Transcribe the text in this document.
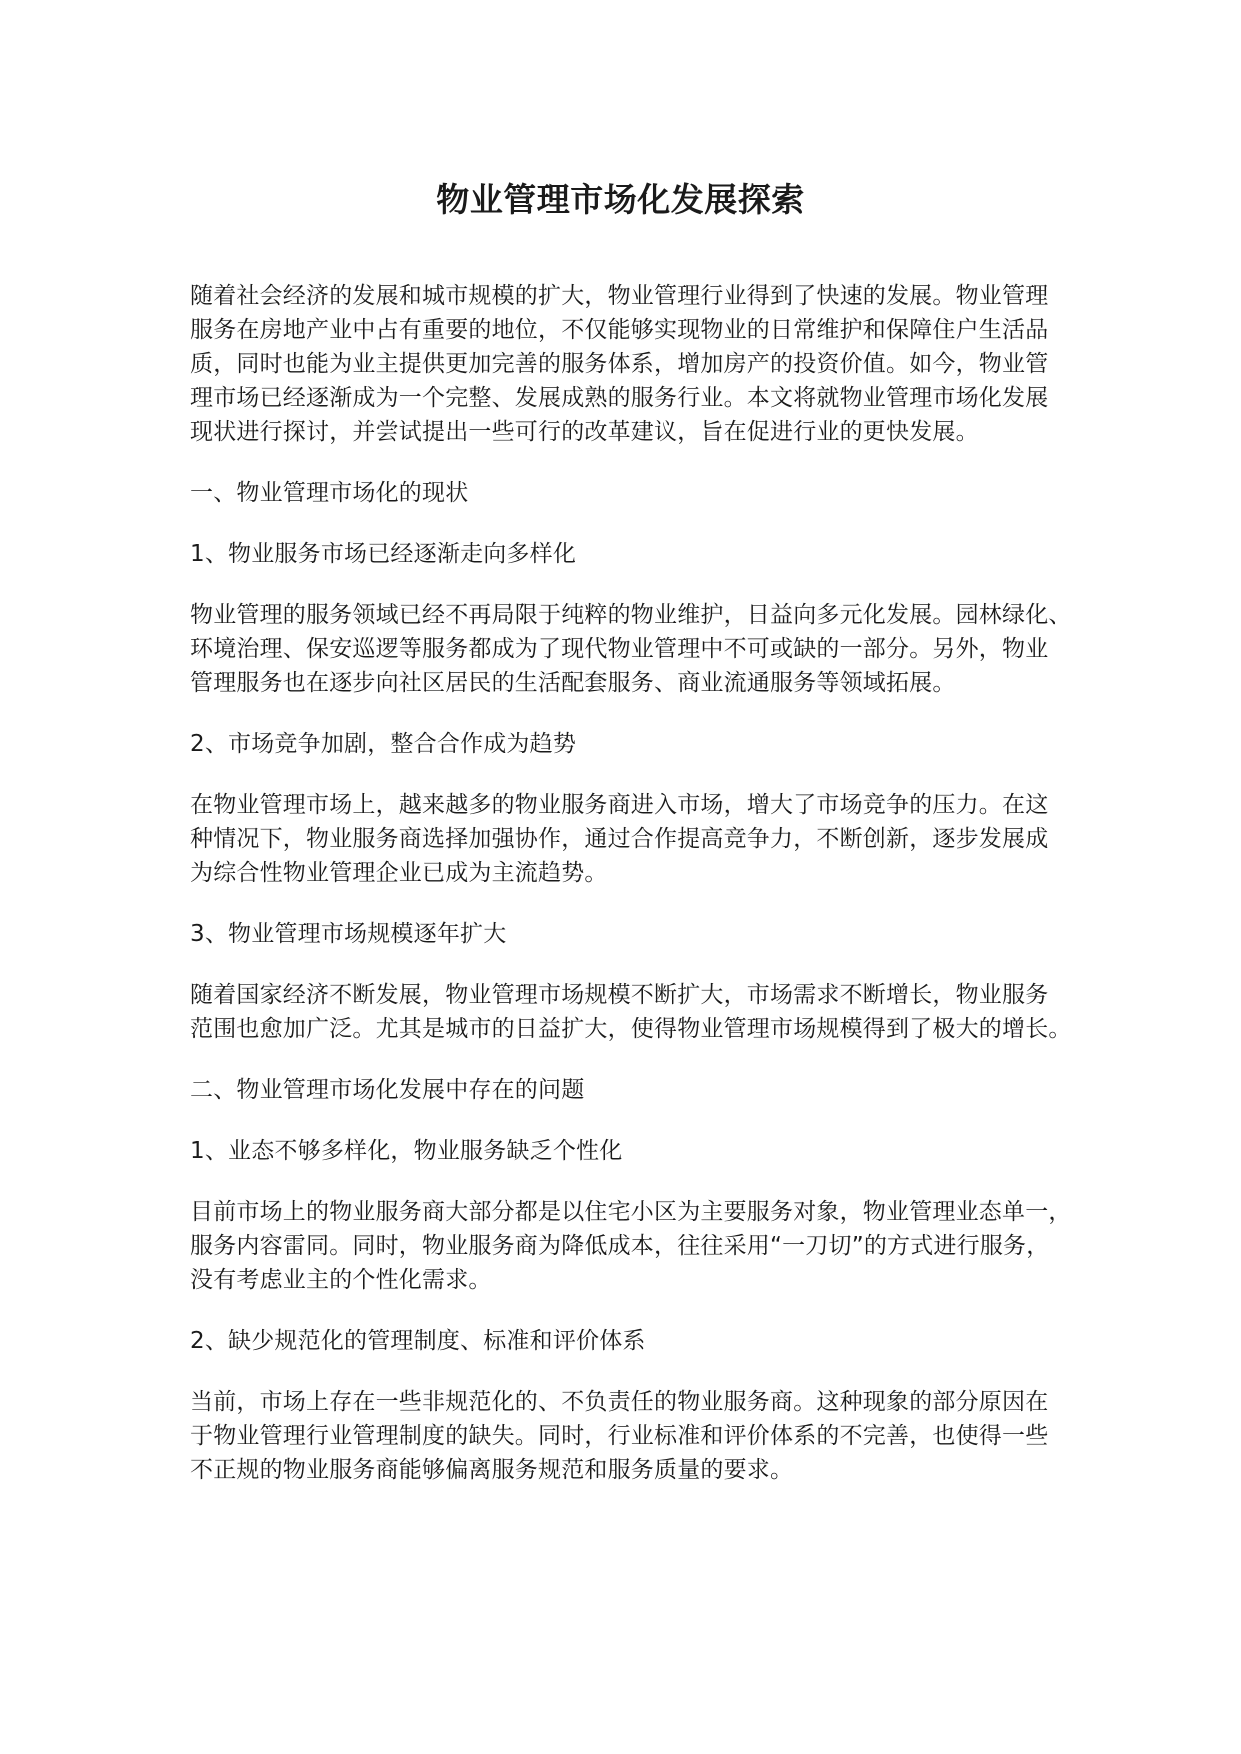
物业管理市场化发展探索
随着社会经济的发展和城市规模的扩大，物业管理行业得到了快速的发展。物业管理
服务在房地产业中占有重要的地位，不仅能够实现物业的日常维护和保障住户生活品
质，同时也能为业主提供更加完善的服务体系，增加房产的投资价值。如今，物业管
理市场已经逐渐成为一个完整、发展成熟的服务行业。本文将就物业管理市场化发展
现状进行探讨，并尝试提出一些可行的改革建议，旨在促进行业的更快发展。
一、物业管理市场化的现状
1、物业服务市场已经逐渐走向多样化
物业管理的服务领域已经不再局限于纯粹的物业维护，日益向多元化发展。园林绿化、
环境治理、保安巡逻等服务都成为了现代物业管理中不可或缺的一部分。另外，物业
管理服务也在逐步向社区居民的生活配套服务、商业流通服务等领域拓展。
2、市场竞争加剧，整合合作成为趋势
在物业管理市场上，越来越多的物业服务商进入市场，增大了市场竞争的压力。在这
种情况下，物业服务商选择加强协作，通过合作提高竞争力，不断创新，逐步发展成
为综合性物业管理企业已成为主流趋势。
3、物业管理市场规模逐年扩大
随着国家经济不断发展，物业管理市场规模不断扩大，市场需求不断增长，物业服务
范围也愈加广泛。尤其是城市的日益扩大，使得物业管理市场规模得到了极大的增长。
二、物业管理市场化发展中存在的问题
1、业态不够多样化，物业服务缺乏个性化
目前市场上的物业服务商大部分都是以住宅小区为主要服务对象，物业管理业态单一，
服务内容雷同。同时，物业服务商为降低成本，往往采用“一刀切”的方式进行服务，
没有考虑业主的个性化需求。
2、缺少规范化的管理制度、标准和评价体系
当前，市场上存在一些非规范化的、不负责任的物业服务商。这种现象的部分原因在
于物业管理行业管理制度的缺失。同时，行业标准和评价体系的不完善，也使得一些
不正规的物业服务商能够偏离服务规范和服务质量的要求。
